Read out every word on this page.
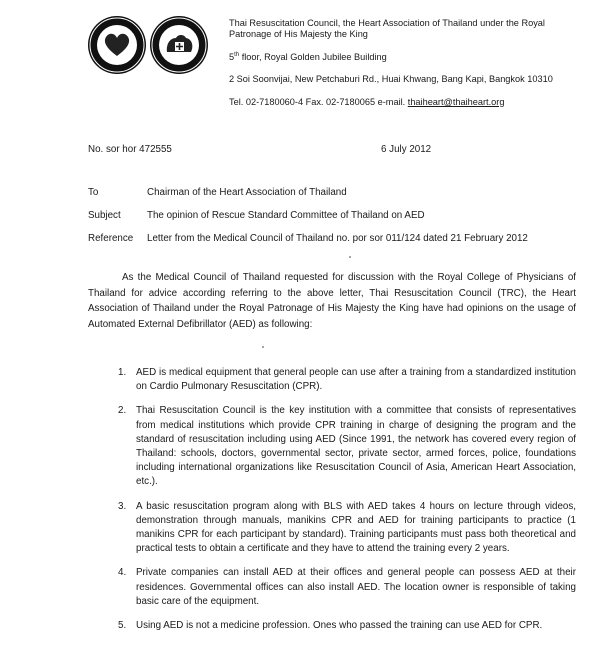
Thai Resuscitation Council, the Heart Association of Thailand under the Royal
Patronage of His Majesty the King
5th floor, Royal Golden Jubilee Building
2 Soi Soonvijai, New Petchaburi Rd., Huai Khwang, Bang Kapi, Bangkok 10310
Tel. 02-7180060-4 Fax. 02-7180065 e-mail. thaiheart@thaiheart.org
No. sor hor 472555	6 July 2012
To	Chairman of the Heart Association of Thailand
Subject	The opinion of Rescue Standard Committee of Thailand on AED
Reference	Letter from the Medical Council of Thailand no. por sor 011/124 dated 21 February 2012
As the Medical Council of Thailand requested for discussion with the Royal College of Physicians of Thailand for advice according referring to the above letter, Thai Resuscitation Council (TRC), the Heart Association of Thailand under the Royal Patronage of His Majesty the King have had opinions on the usage of Automated External Defibrillator (AED) as following:
1.	AED is medical equipment that general people can use after a training from a standardized institution on Cardio Pulmonary Resuscitation (CPR).
2.	Thai Resuscitation Council is the key institution with a committee that consists of representatives from medical institutions which provide CPR training in charge of designing the program and the standard of resuscitation including using AED (Since 1991, the network has covered every region of Thailand: schools, doctors, governmental sector, private sector, armed forces, police, foundations including international organizations like Resuscitation Council of Asia, American Heart Association, etc.).
3.	A basic resuscitation program along with BLS with AED takes 4 hours on lecture through videos, demonstration through manuals, manikins CPR and AED for training participants to practice (1 manikins CPR for each participant by standard). Training participants must pass both theoretical and practical tests to obtain a certificate and they have to attend the training every 2 years.
4.	Private companies can install AED at their offices and general people can possess AED at their residences. Governmental offices can also install AED. The location owner is responsible of taking basic care of the equipment.
5.	Using AED is not a medicine profession. Ones who passed the training can use AED for CPR.
